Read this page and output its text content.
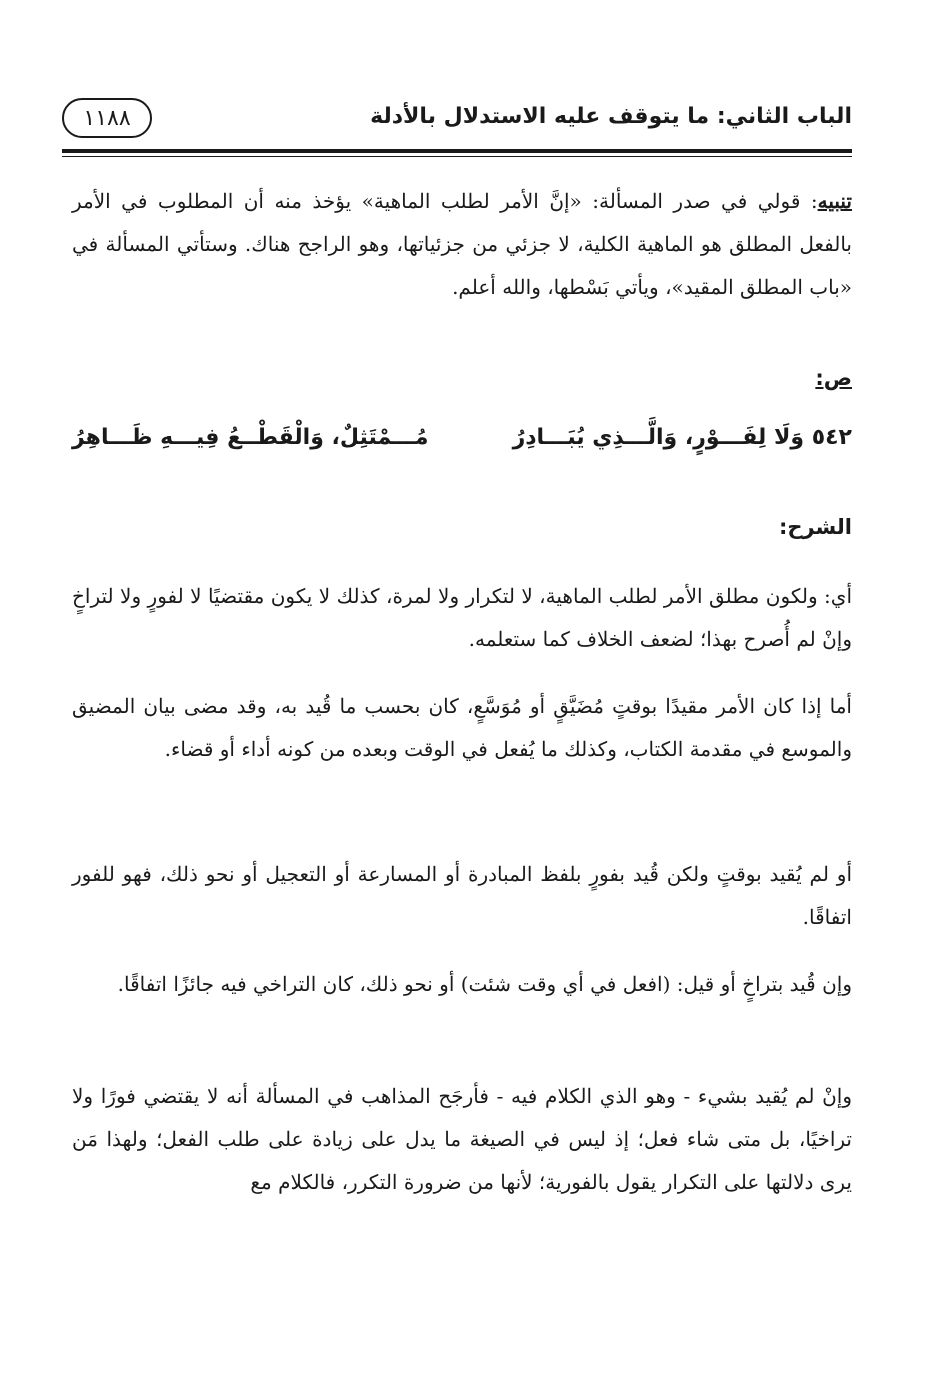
الباب الثاني: ما يتوقف عليه الاستدلال بالأدلة
١١٨٨
تنبيه: قولي في صدر المسألة: «إنَّ الأمر لطلب الماهية» يؤخذ منه أن المطلوب في الأمر بالفعل المطلق هو الماهية الكلية، لا جزئي من جزئياتها، وهو الراجح هناك. وستأتي المسألة في «باب المطلق المقيد»، ويأتي بَسْطها، والله أعلم.
ص:
٥٤٢ وَلَا لِفَـــوْرٍ، وَالَّـــذِي يُبَـــادِرُ
مُـــمْتَثِلٌ، وَالْقَطْــعُ فِيـــهِ ظَـــاهِرُ
الشرح:
أي: ولكون مطلق الأمر لطلب الماهية، لا لتكرار ولا لمرة، كذلك لا يكون مقتضيًا لا لفورٍ ولا لتراخٍ وإنْ لم أُصرح بهذا؛ لضعف الخلاف كما ستعلمه.
أما إذا كان الأمر مقيدًا بوقتٍ مُضَيَّقٍ أو مُوَسَّعٍ، كان بحسب ما قُيد به، وقد مضى بيان المضيق والموسع في مقدمة الكتاب، وكذلك ما يُفعل في الوقت وبعده من كونه أداء أو قضاء.
أو لم يُقيد بوقتٍ ولكن قُيد بفورٍ بلفظ المبادرة أو المسارعة أو التعجيل أو نحو ذلك، فهو للفور اتفاقًا.
وإن قُيد بتراخٍ أو قيل: (افعل في أي وقت شئت) أو نحو ذلك، كان التراخي فيه جائزًا اتفاقًا.
وإنْ لم يُقيد بشيء - وهو الذي الكلام فيه - فأرجَح المذاهب في المسألة أنه لا يقتضي فورًا ولا تراخيًا، بل متى شاء فعل؛ إذ ليس في الصيغة ما يدل على زيادة على طلب الفعل؛ ولهذا مَن يرى دلالتها على التكرار يقول بالفورية؛ لأنها من ضرورة التكرر، فالكلام مع
